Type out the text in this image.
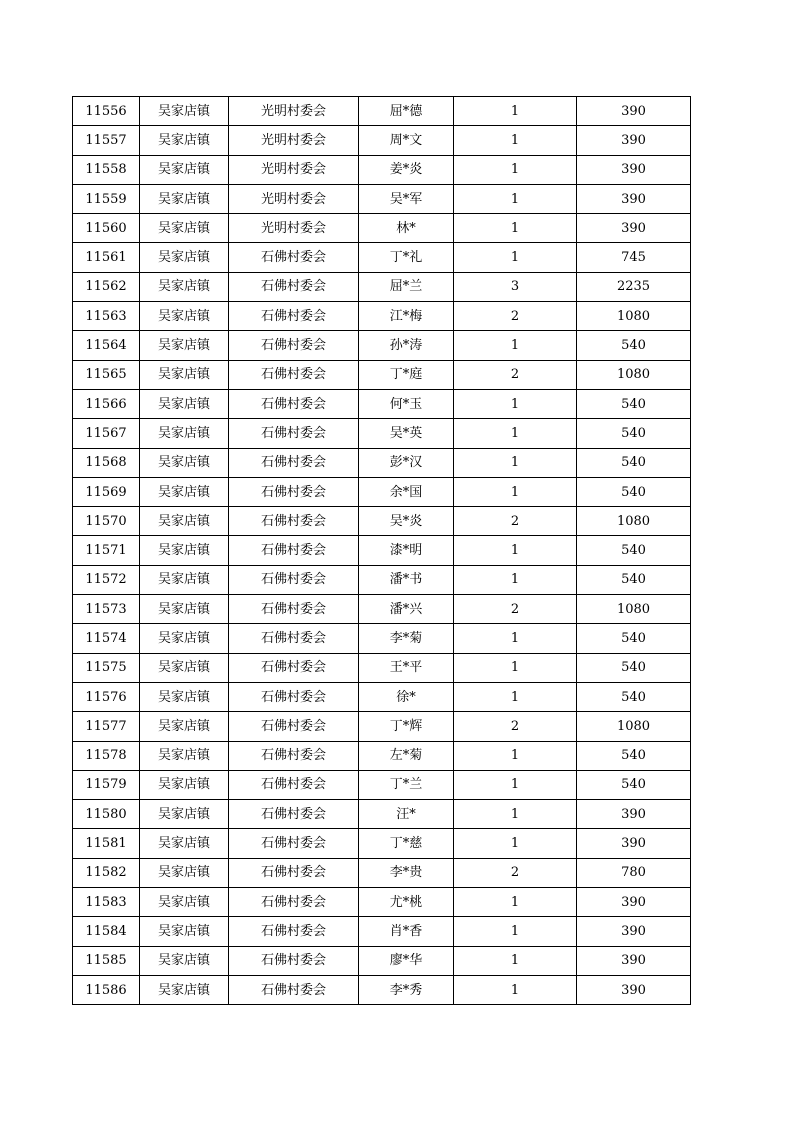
11556	吴家店镇	光明村委会	屈*德	1	390
11557	吴家店镇	光明村委会	周*文	1	390
11558	吴家店镇	光明村委会	姜*炎	1	390
11559	吴家店镇	光明村委会	吴*军	1	390
11560	吴家店镇	光明村委会	林*	1	390
11561	吴家店镇	石佛村委会	丁*礼	1	745
11562	吴家店镇	石佛村委会	屈*兰	3	2235
11563	吴家店镇	石佛村委会	江*梅	2	1080
11564	吴家店镇	石佛村委会	孙*涛	1	540
11565	吴家店镇	石佛村委会	丁*庭	2	1080
11566	吴家店镇	石佛村委会	何*玉	1	540
11567	吴家店镇	石佛村委会	吴*英	1	540
11568	吴家店镇	石佛村委会	彭*汉	1	540
11569	吴家店镇	石佛村委会	余*国	1	540
11570	吴家店镇	石佛村委会	吴*炎	2	1080
11571	吴家店镇	石佛村委会	漆*明	1	540
11572	吴家店镇	石佛村委会	潘*书	1	540
11573	吴家店镇	石佛村委会	潘*兴	2	1080
11574	吴家店镇	石佛村委会	李*菊	1	540
11575	吴家店镇	石佛村委会	王*平	1	540
11576	吴家店镇	石佛村委会	徐*	1	540
11577	吴家店镇	石佛村委会	丁*辉	2	1080
11578	吴家店镇	石佛村委会	左*菊	1	540
11579	吴家店镇	石佛村委会	丁*兰	1	540
11580	吴家店镇	石佛村委会	汪*	1	390
11581	吴家店镇	石佛村委会	丁*慈	1	390
11582	吴家店镇	石佛村委会	李*贵	2	780
11583	吴家店镇	石佛村委会	尤*桃	1	390
11584	吴家店镇	石佛村委会	肖*香	1	390
11585	吴家店镇	石佛村委会	廖*华	1	390
11586	吴家店镇	石佛村委会	李*秀	1	390
